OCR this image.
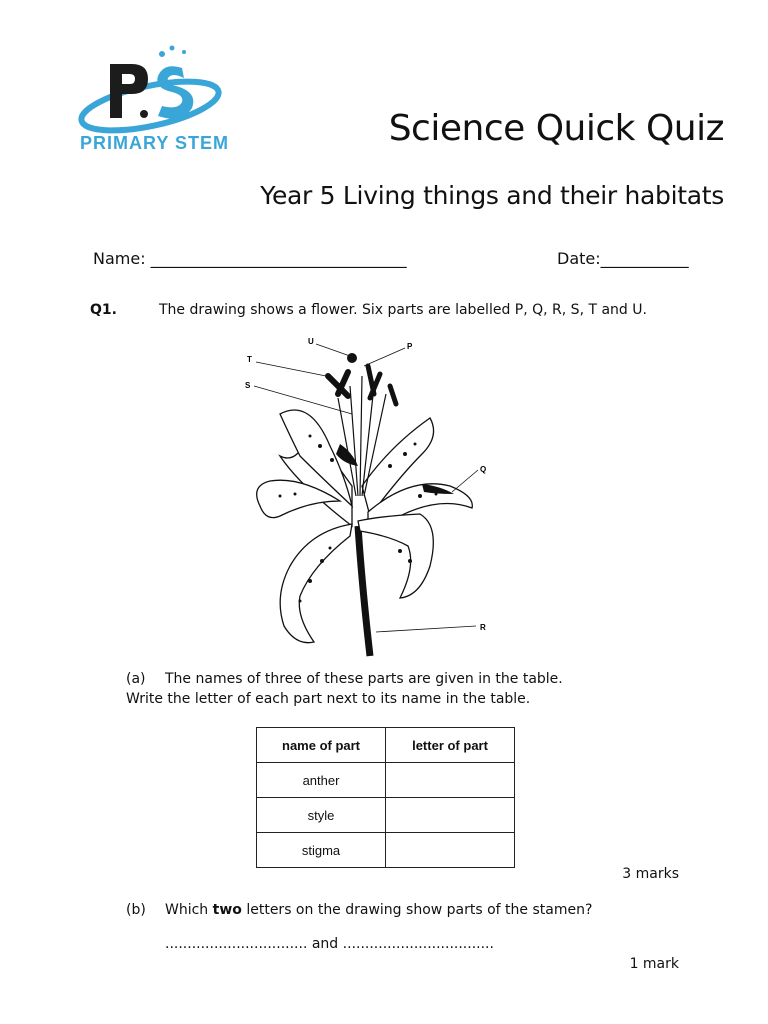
PRIMARY STEM	Science Quick Quiz
Year 5 Living things and their habitats
Name: ________________________________	Date:___________
Q1.	The drawing shows a flower. Six parts are labelled P, Q, R, S, T and U.
U
P
T
S
Q
R
(a) The names of three of these parts are given in the table.
Write the letter of each part next to its name in the table.
name of part	letter of part
anther	
style	
stigma	
3 marks
(b) Which two letters on the drawing show parts of the stamen?
................................ and ..................................
1 mark
